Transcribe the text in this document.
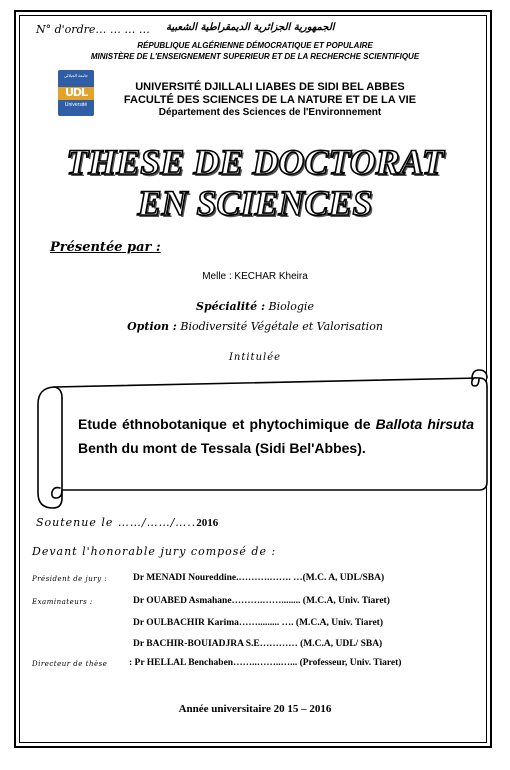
N° d'ordre… … … … الجمهورية الجزائرية الديمقراطية الشعبية
RÉPUBLIQUE ALGÉRIENNE DÉMOCRATIQUE ET POPULAIRE
MINISTÈRE DE L'ENSEIGNEMENT SUPERIEUR ET DE LA RECHERCHE SCIENTIFIQUE
جامعة الجيلالي
UDL
Université
UNIVERSITÉ DJILLALI LIABES DE SIDI BEL ABBES
FACULTÉ DES SCIENCES DE LA NATURE ET DE LA VIE
Département des Sciences de l'Environnement
THESE DE DOCTORAT
EN SCIENCES
Présentée par :
Melle : KECHAR Kheira
Spécialité : Biologie
Option : Biodiversité Végétale et Valorisation
Intitulée
Etude éthnobotanique et phytochimique de Ballota hirsuta Benth du mont de Tessala (Sidi Bel'Abbes).
Soutenue le ……/……/…..2016
Devant l'honorable jury composé de :
Président de jury :	Dr MENADI Noureddine.……….……. …(M.C. A, UDL/SBA)
Examinateurs :	Dr OUABED Asmahane……….……........ (M.C.A, Univ. Tiaret)
Dr OULBACHIR Karima……......... …. (M.C.A, Univ. Tiaret)
Dr BACHIR-BOUIADJRA S.E………… (M.C.A, UDL/ SBA)
Directeur de thèse : Pr HELLAL Benchaben……..……..…... (Professeur, Univ. Tiaret)
Année universitaire 20 15 – 2016
